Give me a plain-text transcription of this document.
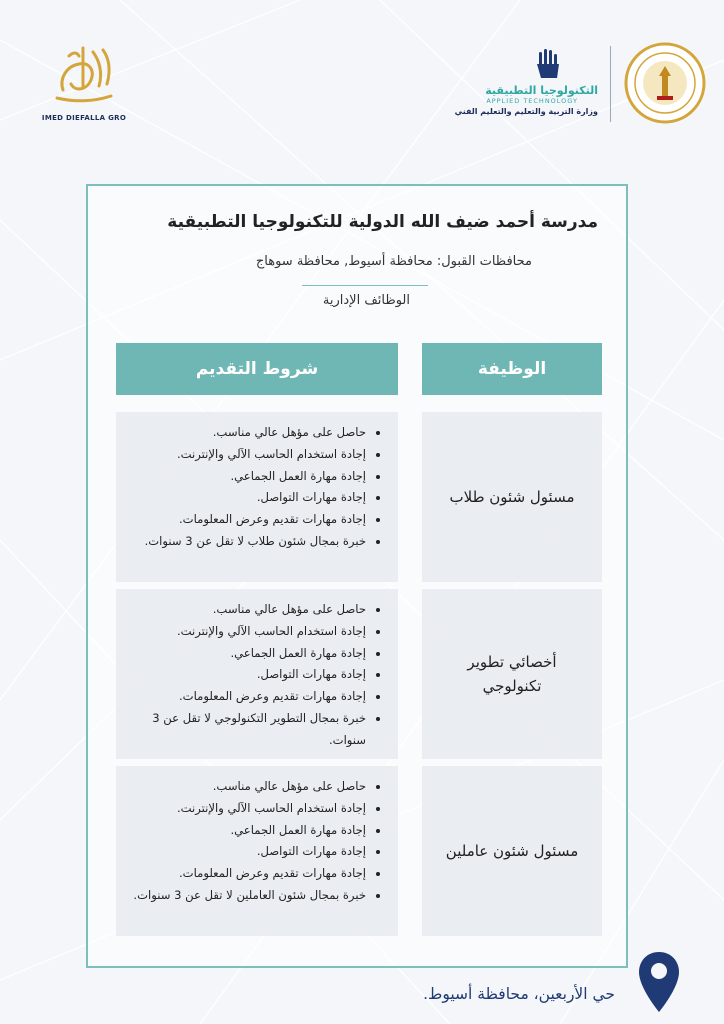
IMED DIEFALLA GRO
التكنولوجيا التطبيقية
APPLIED TECHNOLOGY
وزارة التربية والتعليم والتعليم الفني
مدرسة أحمد ضيف الله الدولية للتكنولوجيا التطبيقية
محافظات القبول: محافظة أسيوط, محافظة سوهاج
الوظائف الإدارية
شروط التقديم	الوظيفة
• حاصل على مؤهل عالي مناسب.
• إجادة استخدام الحاسب الآلي والإنترنت.
• إجادة مهارة العمل الجماعي.
• إجادة مهارات التواصل.
• إجادة مهارات تقديم وعرض المعلومات.
• خبرة بمجال شئون طلاب لا تقل عن 3 سنوات.
مسئول شئون طلاب
• حاصل على مؤهل عالي مناسب.
• إجادة استخدام الحاسب الآلي والإنترنت.
• إجادة مهارة العمل الجماعي.
• إجادة مهارات التواصل.
• إجادة مهارات تقديم وعرض المعلومات.
• خبرة بمجال التطوير التكنولوجي لا تقل عن 3 سنوات.
أخصائي تطوير تكنولوجي
• حاصل على مؤهل عالي مناسب.
• إجادة استخدام الحاسب الآلي والإنترنت.
• إجادة مهارة العمل الجماعي.
• إجادة مهارات التواصل.
• إجادة مهارات تقديم وعرض المعلومات.
• خبرة بمجال شئون العاملين لا تقل عن 3 سنوات.
مسئول شئون عاملين
حي الأربعين، محافظة أسيوط.
